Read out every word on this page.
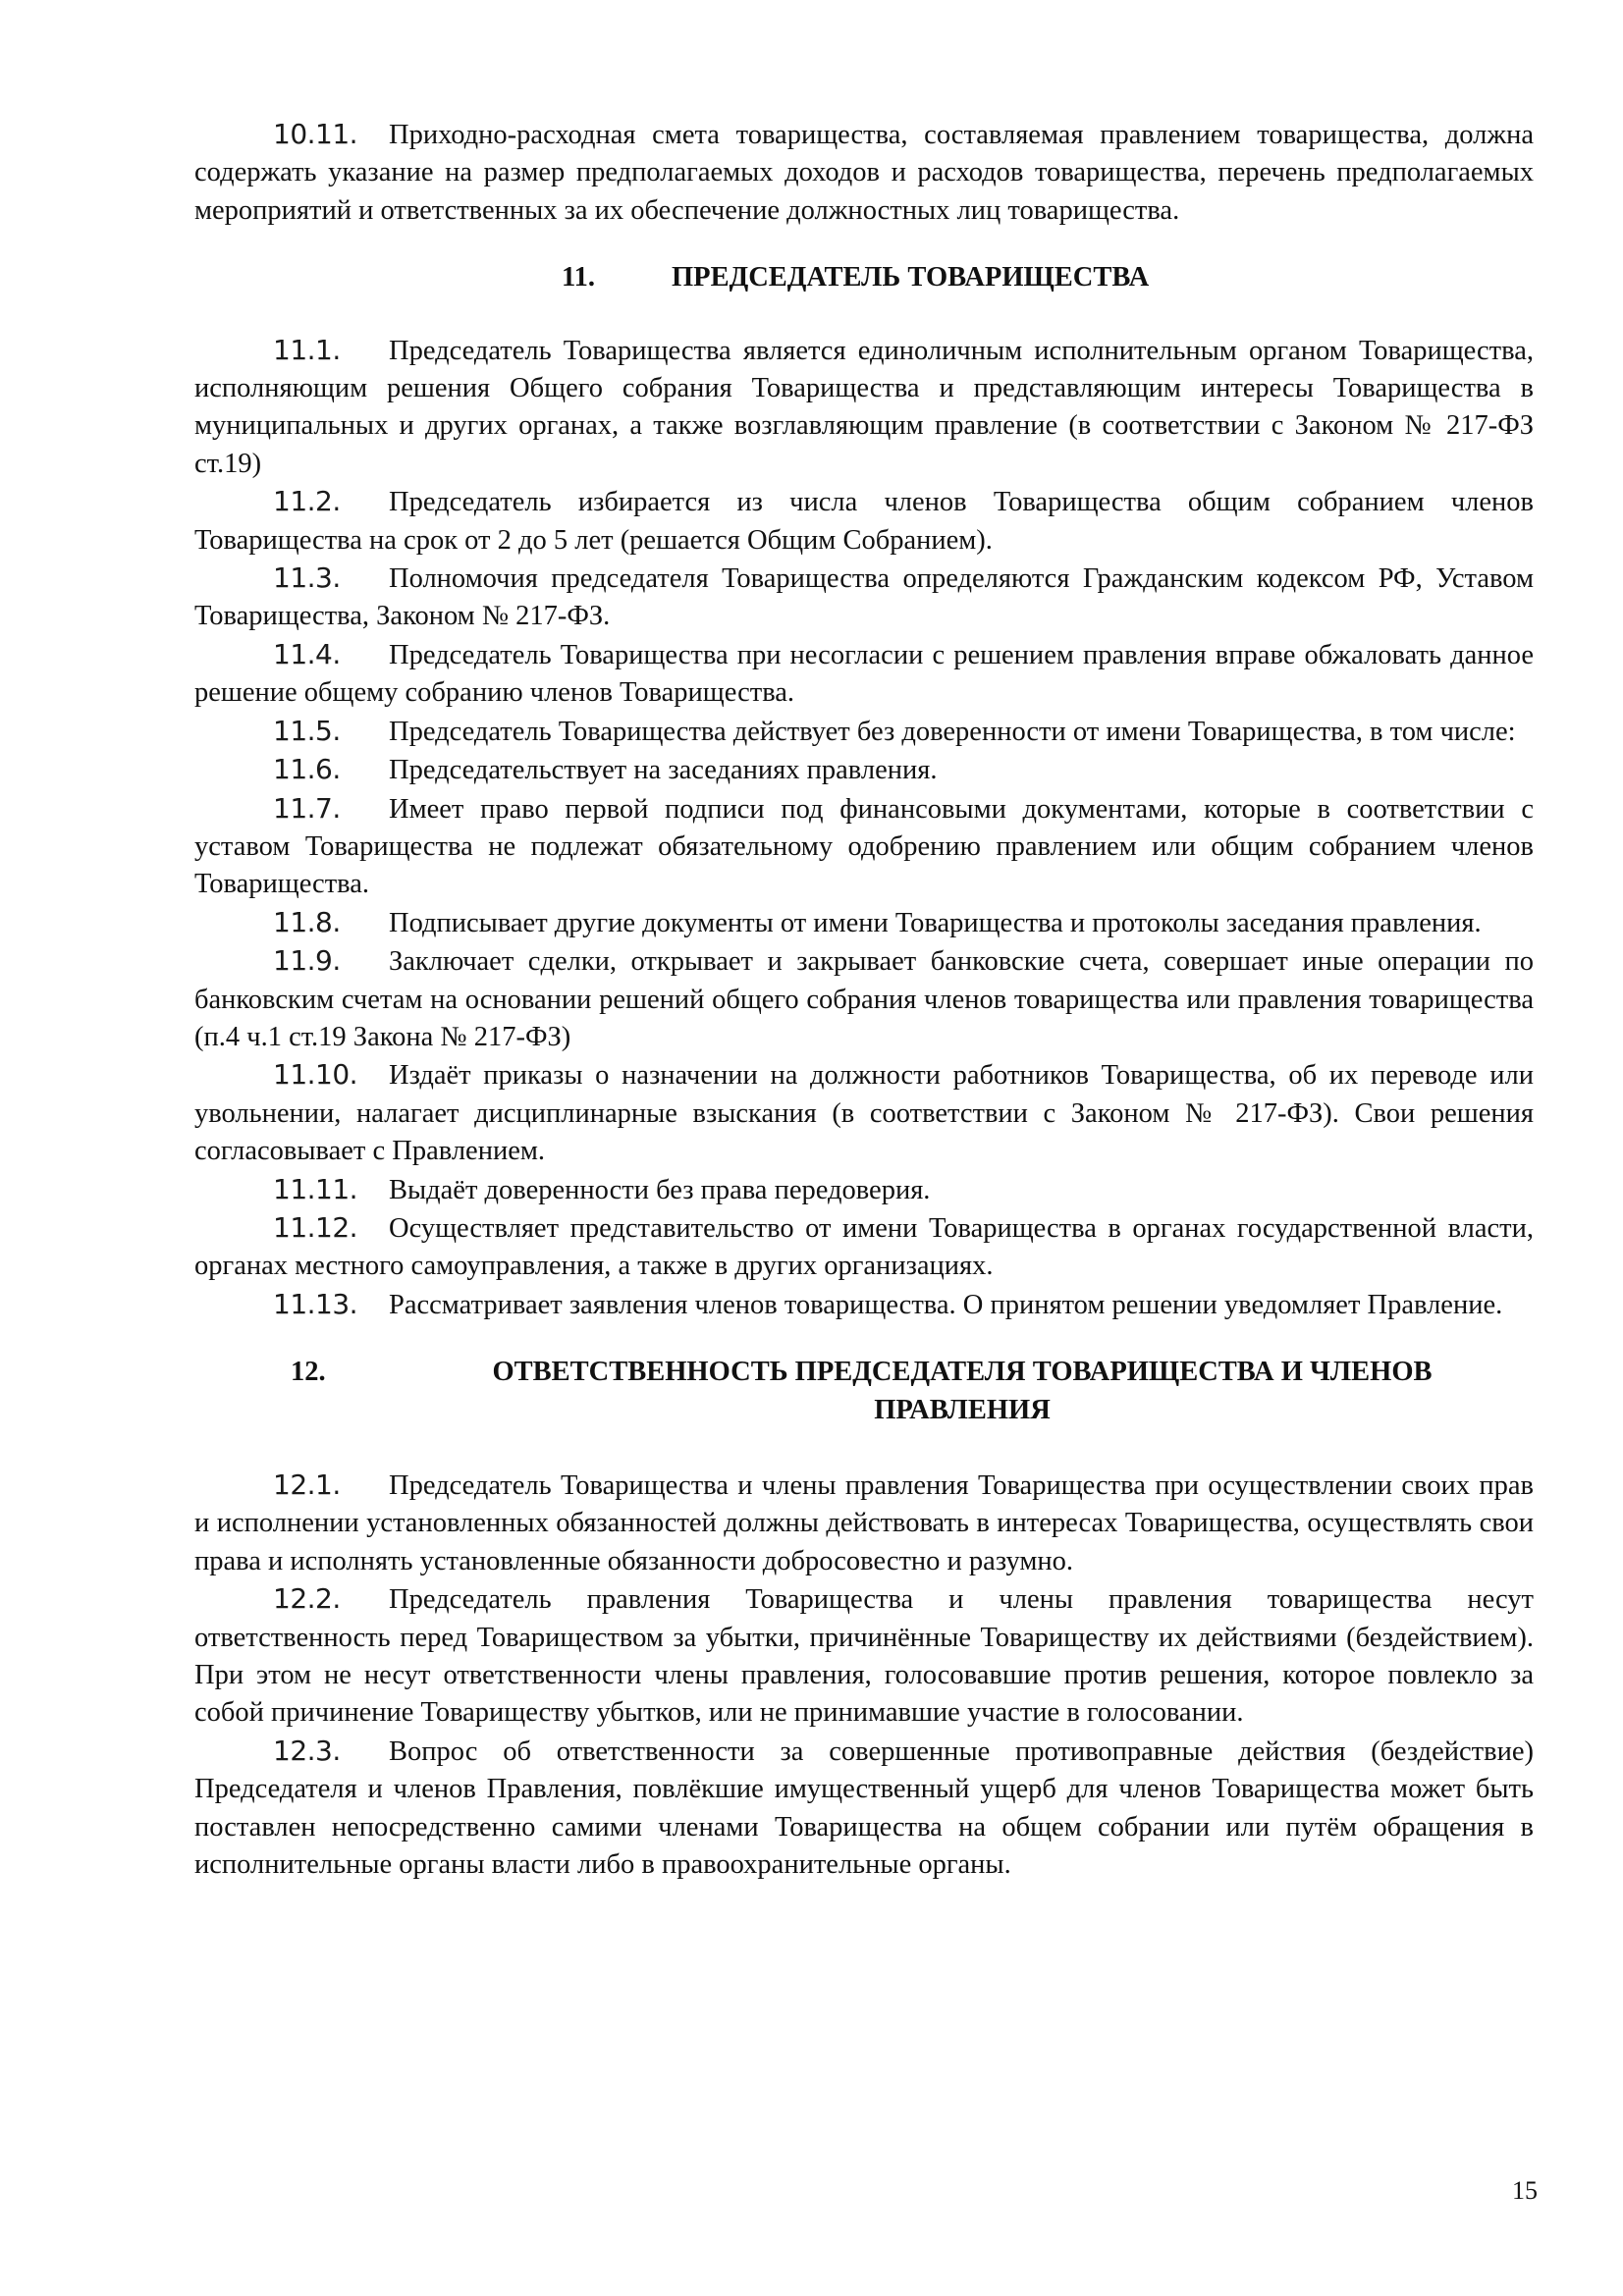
10.11. Приходно-расходная смета товарищества, составляемая правлением товарищества, должна содержать указание на размер предполагаемых доходов и расходов товарищества, перечень предполагаемых мероприятий и ответственных за их обеспечение должностных лиц товарищества.

11.	ПРЕДСЕДАТЕЛЬ ТОВАРИЩЕСТВА

11.1. Председатель Товарищества является единоличным исполнительным органом Товарищества, исполняющим решения Общего собрания Товарищества и представляющим интересы Товарищества в муниципальных и других органах, а также возглавляющим правление (в соответствии с Законом № 217-ФЗ ст.19)

11.2. Председатель избирается из числа членов Товарищества общим собранием членов Товарищества на срок от 2 до 5 лет (решается Общим Собранием).

11.3. Полномочия председателя Товарищества определяются Гражданским кодексом РФ, Уставом Товарищества, Законом № 217-ФЗ.

11.4. Председатель Товарищества при несогласии с решением правления вправе обжаловать данное решение общему собранию членов Товарищества.

11.5. Председатель Товарищества действует без доверенности от имени Товарищества, в том числе:

11.6. Председательствует на заседаниях правления.

11.7. Имеет право первой подписи под финансовыми документами, которые в соответствии с уставом Товарищества не подлежат обязательному одобрению правлением или общим собранием членов Товарищества.

11.8. Подписывает другие документы от имени Товарищества и протоколы заседания правления.

11.9. Заключает сделки, открывает и закрывает банковские счета, совершает иные операции по банковским счетам на основании решений общего собрания членов товарищества или правления товарищества (п.4 ч.1 ст.19 Закона № 217-ФЗ)

11.10. Издаёт приказы о назначении на должности работников Товарищества, об их переводе или увольнении, налагает дисциплинарные взыскания (в соответствии с Законом № 217-ФЗ). Свои решения согласовывает с Правлением.

11.11. Выдаёт доверенности без права передоверия.

11.12. Осуществляет представительство от имени Товарищества в органах государственной власти, органах местного самоуправления, а также в других организациях.

11.13. Рассматривает заявления членов товарищества. О принятом решении уведомляет Правление.

12.	ОТВЕТСТВЕННОСТЬ ПРЕДСЕДАТЕЛЯ ТОВАРИЩЕСТВА И ЧЛЕНОВ ПРАВЛЕНИЯ

12.1. Председатель Товарищества и члены правления Товарищества при осуществлении своих прав и исполнении установленных обязанностей должны действовать в интересах Товарищества, осуществлять свои права и исполнять установленные обязанности добросовестно и разумно.

12.2. Председатель правления Товарищества и члены правления товарищества несут ответственность перед Товариществом за убытки, причинённые Товариществу их действиями (бездействием). При этом не несут ответственности члены правления, голосовавшие против решения, которое повлекло за собой причинение Товариществу убытков, или не принимавшие участие в голосовании.

12.3. Вопрос об ответственности за совершенные противоправные действия (бездействие) Председателя и членов Правления, повлёкшие имущественный ущерб для членов Товарищества может быть поставлен непосредственно самими членами Товарищества на общем собрании или путём обращения в исполнительные органы власти либо в правоохранительные органы.

15
